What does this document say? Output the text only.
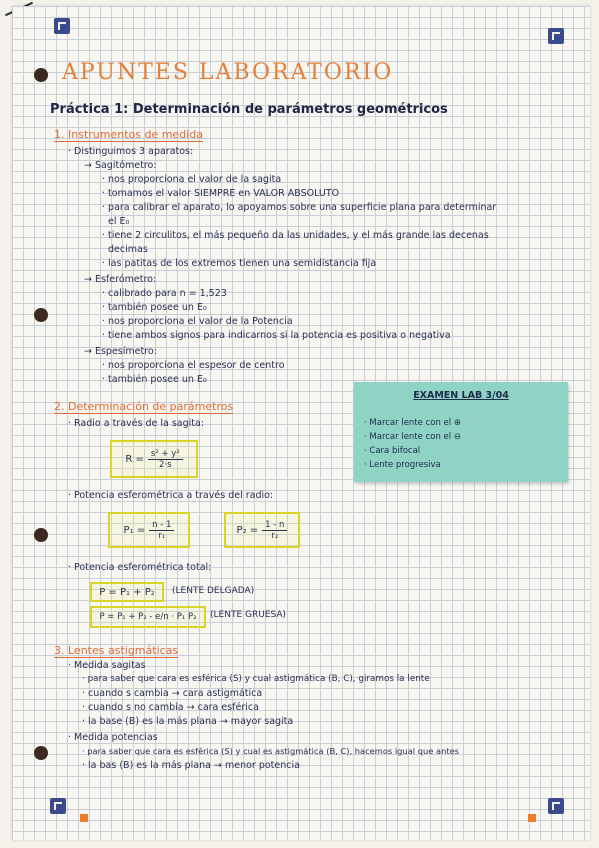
APUNTES LABORATORIO
Práctica 1: Determinación de parámetros geométricos
1. Instrumentos de medida
· Distinguimos 3 aparatos:
→ Sagitómetro:
· nos proporciona el valor de la sagita
· tomamos el valor SIEMPRE en VALOR ABSOLUTO
· para calibrar el aparato, lo apoyamos sobre una superficie plana para determinar
el E₀
· tiene 2 circulitos, el más pequeño da las unidades, y el más grande las decenas
decimas
· las patitas de los extremos tienen una semidistancia fija
→ Esferómetro:
· calibrado para n = 1,523
· también posee un E₀
· nos proporciona el valor de la Potencia
· tiene ambos signos para indicarnos si la potencia es positiva o negativa
→ Espesímetro:
· nos proporciona el espesor de centro
· también posee un E₀
EXAMEN LAB 3/04
· Marcar lente con el ⊕
· Marcar lente con el ⊖
· Cara bifocal
· Lente progresiva
2. Determinación de parámetros
· Radio a través de la sagita:
$R = \frac{\text{s² + y²}}{2\cdot s}$
· Potencia esferométrica a través del radio:
$P_1 = \frac{n - 1}{\text{r₁}}$	$P_2 = \frac{1 - n}{\text{r₂}}$
· Potencia esferométrica total:
P = P₁ + P₂ (LENTE DELGADA)
P = P₁ + P₂ - e/n · P₁ P₂ (LENTE GRUESA)
3. Lentes astigmáticas
· Medida sagitas
· para saber que cara es esférica (S) y cual astigmática (B, C), giramos la lente
· cuando s cambia → cara astigmática
· cuando s no cambia → cara esférica
· la base (B) es la más plana → mayor sagita
· Medida potencias
· para saber que cara es esférica (S) y cual es astigmática (B, C), hacemos igual que antes
· la bas (B) es la más plana → menor potencia
